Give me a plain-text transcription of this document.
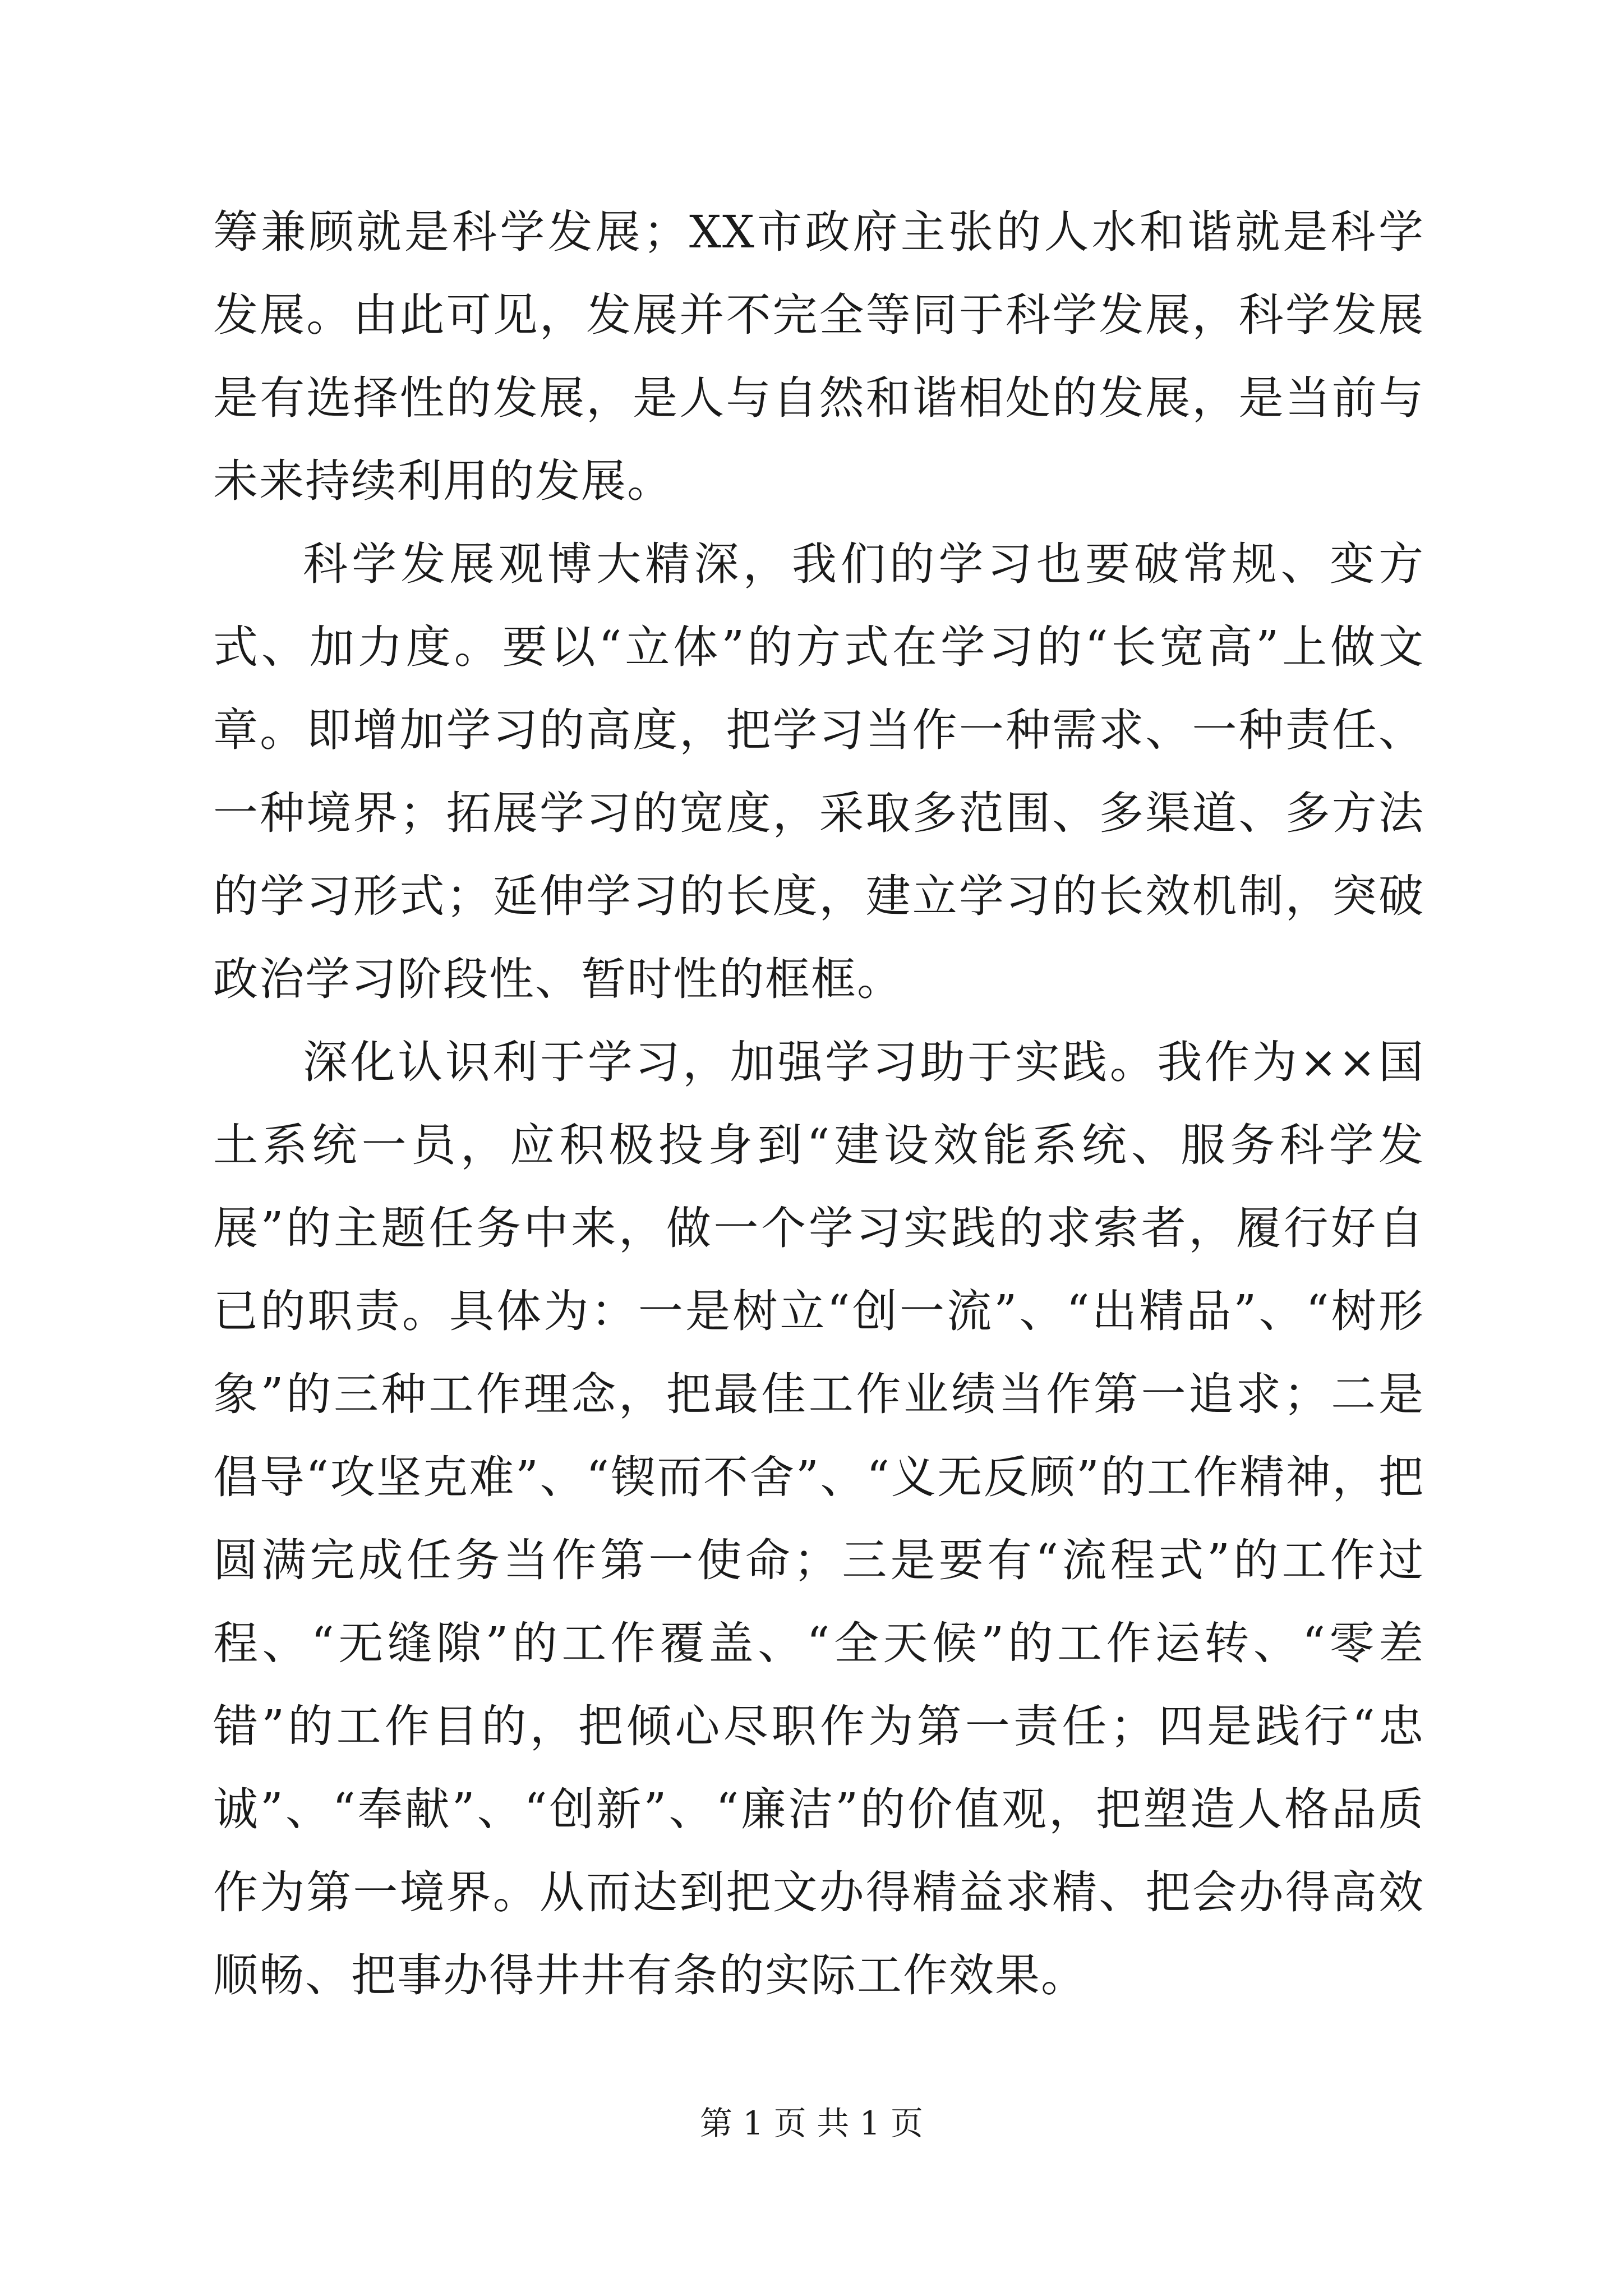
筹兼顾就是科学发展；XX市政府主张的人水和谐就是科学发展。由此可见，发展并不完全等同于科学发展，科学发展是有选择性的发展，是人与自然和谐相处的发展，是当前与未来持续利用的发展。

科学发展观博大精深，我们的学习也要破常规、变方式、加力度。要以“立体”的方式在学习的“长宽高”上做文章。即增加学习的高度，把学习当作一种需求、一种责任、一种境界；拓展学习的宽度，采取多范围、多渠道、多方法的学习形式；延伸学习的长度，建立学习的长效机制，突破政治学习阶段性、暂时性的框框。

深化认识利于学习，加强学习助于实践。我作为××国土系统一员，应积极投身到“建设效能系统、服务科学发展”的主题任务中来，做一个学习实践的求索者，履行好自已的职责。具体为：一是树立“创一流”、“出精品”、“树形象”的三种工作理念，把最佳工作业绩当作第一追求；二是倡导“攻坚克难”、“锲而不舍”、“义无反顾”的工作精神，把圆满完成任务当作第一使命；三是要有“流程式”的工作过程、“无缝隙”的工作覆盖、“全天候”的工作运转、“零差错”的工作目的，把倾心尽职作为第一责任；四是践行“忠诚”、“奉献”、“创新”、“廉洁”的价值观，把塑造人格品质作为第一境界。从而达到把文办得精益求精、把会办得高效顺畅、把事办得井井有条的实际工作效果。

第 1 页 共 1 页
